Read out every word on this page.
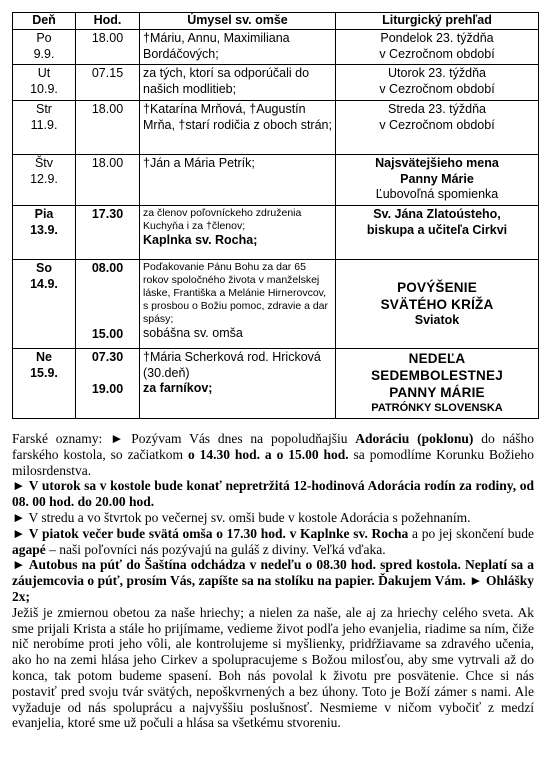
Deň	Hod.	Úmysel sv. omše	Liturgický prehľad
Po
9.9.	18.00	†Máriu, Annu, Maximiliana Bordáčových;	Pondelok 23. týždňa
v Cezročnom období

Ut
10.9.	07.15	za tých, ktorí sa odporúčali do našich modlitieb;	Utorok 23. týždňa
v Cezročnom období

Str
11.9.	18.00	†Katarína Mrňová, †Augustín Mrňa, †starí rodičia z oboch strán;	Streda 23. týždňa
v Cezročnom období

Štv
12.9.	18.00	†Ján a Mária Petrík;	Najsvätejšieho mena
Panny Márie
Ľubovoľná spomienka

Pia
13.9.	17.30	za členov poľovníckeho združenia Kuchyňa i za †členov;
Kaplnka sv. Rocha;	Sv. Jána Zlatoústeho,
biskupa a učiteľa Cirkvi

So
14.9.	08.00
15.00	Poďakovanie Pánu Bohu za dar 65 rokov spoločného života v manželskej láske, Františka a Melánie Hirnerovcov, s prosbou o Božiu pomoc, zdravie a dar spásy;
sobášna sv. omša	POVÝŠENIE
SVÄTÉHO KRÍŽA
Sviatok

Ne
15.9.	07.30
19.00	†Mária Scherková rod. Hricková (30.deň)
za farníkov;	NEDEĽA
SEDEMBOLESTNEJ
PANNY MÁRIE
PATRÓNKY SLOVENSKA

Farské oznamy: ► Pozývam Vás dnes na popoludňajšiu Adoráciu (poklonu) do nášho farského kostola, so začiatkom o 14.30 hod. a o 15.00 hod. sa pomodlíme Korunku Božieho milosrdenstva.

► V utorok sa v kostole bude konať nepretržitá 12-hodinová Adorácia rodín za rodiny, od 08. 00 hod. do 20.00 hod.

► V stredu a vo štvrtok po večernej sv. omši bude v kostole Adorácia s požehnaním.

► V piatok večer bude svätá omša o 17.30 hod. v Kaplnke sv. Rocha a po jej skončení bude agapé – naši poľovníci nás pozývajú na guláš z diviny. Veľká vďaka.

► Autobus na púť do Šaštína odchádza v nedeľu o 08.30 hod. spred kostola. Neplatí sa a záujemcovia o púť, prosím Vás, zapíšte sa na stolíku na papier. Ďakujem Vám. ► Ohlášky 2x;

Ježiš je zmiernou obetou za naše hriechy; a nielen za naše, ale aj za hriechy celého sveta. Ak sme prijali Krista a stále ho prijímame, vedieme život podľa jeho evanjelia, riadime sa ním, čiže nič nerobíme proti jeho vôli, ale kontrolujeme si myšlienky, pridŕžiavame sa zdravého učenia, ako ho na zemi hlása jeho Cirkev a spolupracujeme s Božou milosťou, aby sme vytrvali až do konca, tak potom budeme spasení. Boh nás povolal k životu pre posvätenie. Chce si nás postaviť pred svoju tvár svätých, nepoškvrnených a bez úhony. Toto je Boží zámer s nami. Ale vyžaduje od nás spoluprácu a najvyššiu poslušnosť. Nesmieme v ničom vybočiť z medzí evanjelia, ktoré sme už počuli a hlása sa všetkému stvoreniu.
